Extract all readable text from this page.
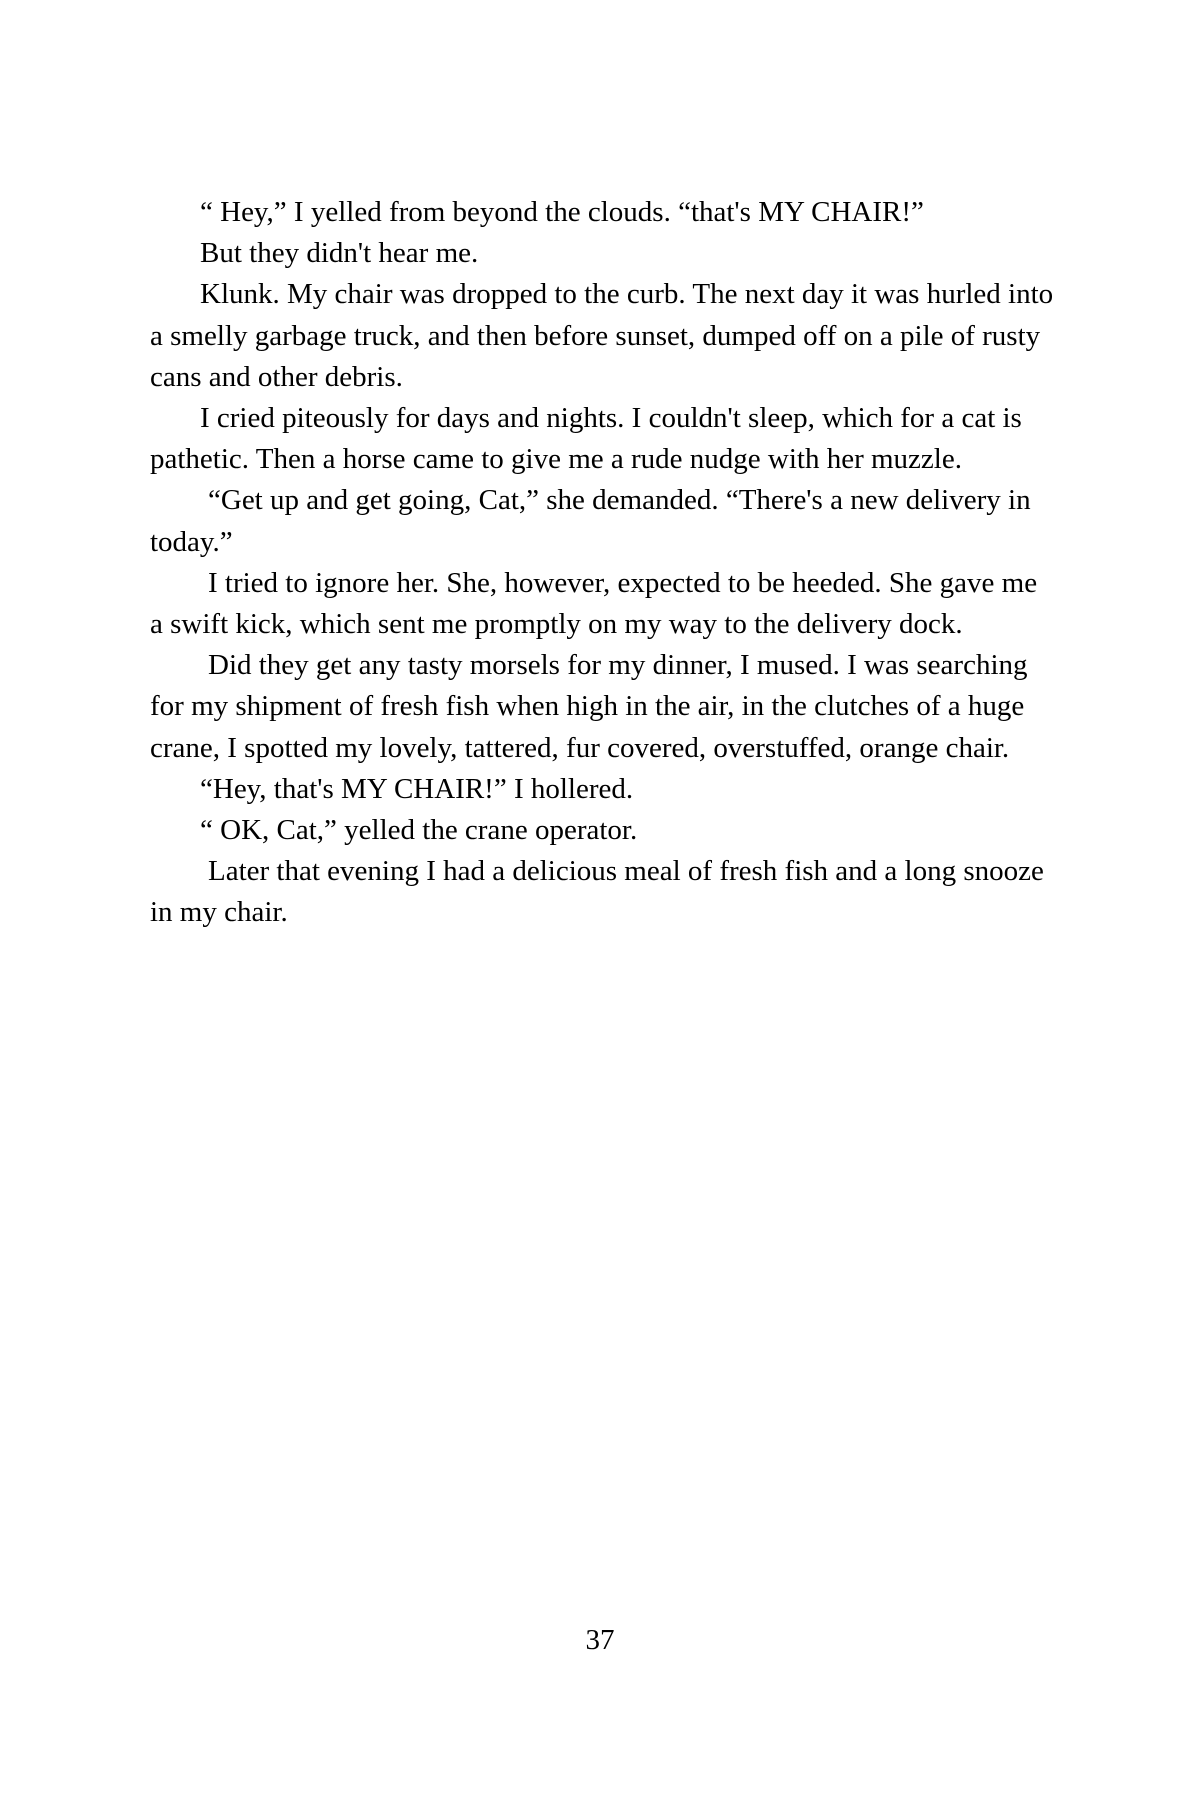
“ Hey,” I yelled from beyond the clouds. “that's MY CHAIR!”

But they didn't hear me.

Klunk. My chair was dropped to the curb. The next day it was hurled into a smelly garbage truck, and then before sunset, dumped off on a pile of rusty cans and other debris.

I cried piteously for days and nights. I couldn't sleep, which for a cat is pathetic. Then a horse came to give me a rude nudge with her muzzle.

“Get up and get going, Cat,” she demanded. “There's a new delivery in today.”

I tried to ignore her. She, however, expected to be heeded. She gave me a swift kick, which sent me promptly on my way to the delivery dock.

Did they get any tasty morsels for my dinner, I mused. I was searching for my shipment of fresh fish when high in the air, in the clutches of a huge crane, I spotted my lovely, tattered, fur covered, overstuffed, orange chair.

“Hey, that's MY CHAIR!” I hollered.

“ OK, Cat,” yelled the crane operator.

Later that evening I had a delicious meal of fresh fish and a long snooze in my chair.

37
